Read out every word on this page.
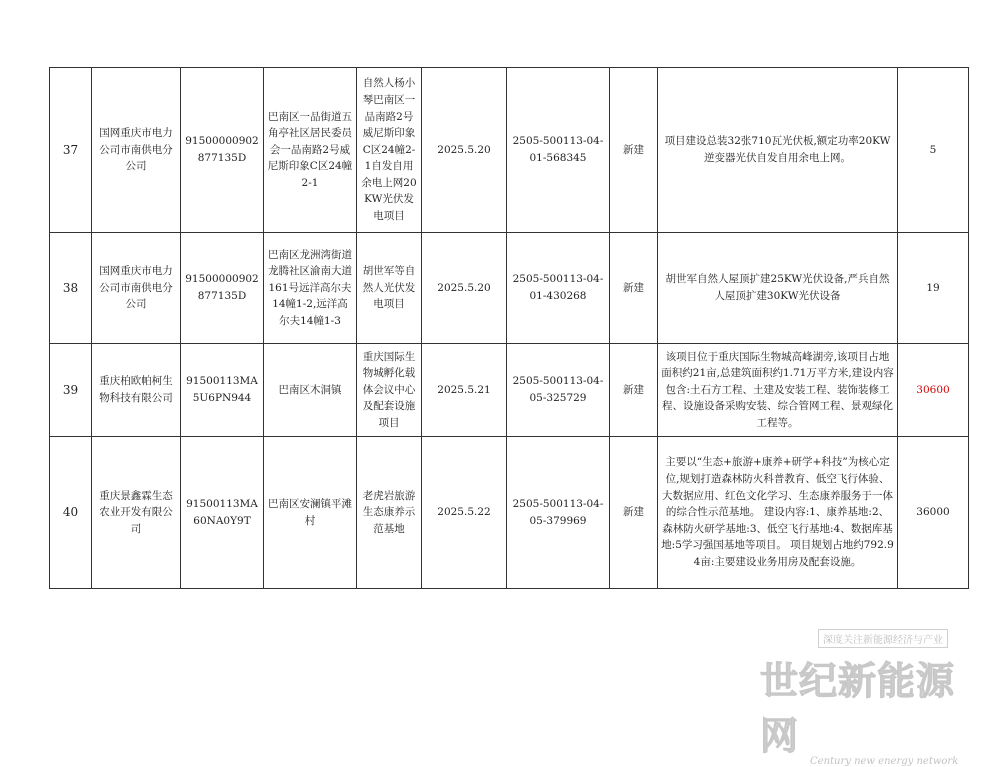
37	国网重庆市电力公司市南供电分公司	91500000902877135D	巴南区一品街道五角亭社区居民委员会一品南路2号威尼斯印象C区24幢2-1	自然人杨小琴巴南区一品南路2号威尼斯印象C区24幢2-1自发自用余电上网20KW光伏发电项目	2025.5.20	2505-500113-04-01-568345	新建	项目建设总装32张710瓦光伏板,额定功率20KW逆变器光伏自发自用余电上网。	5
38	国网重庆市电力公司市南供电分公司	91500000902877135D	巴南区龙洲湾街道龙腾社区渝南大道161号远洋高尔夫14幢1-2,远洋高尔夫14幢1-3	胡世军等自然人光伏发电项目	2025.5.20	2505-500113-04-01-430268	新建	胡世军自然人屋顶扩建25KW光伏设备,严兵自然人屋顶扩建30KW光伏设备	19
39	重庆柏欧帕柯生物科技有限公司	91500113MA5U6PN944	巴南区木洞镇	重庆国际生物城孵化载体会议中心及配套设施项目	2025.5.21	2505-500113-04-05-325729	新建	该项目位于重庆国际生物城高峰湖旁,该项目占地面积约21亩,总建筑面积约1.71万平方米,建设内容包含:土石方工程、土建及安装工程、装饰装修工程、设施设备采购安装、综合管网工程、景观绿化工程等。	30600
40	重庆景鑫霖生态农业开发有限公司	91500113MA60NA0Y9T	巴南区安澜镇平滩村	老虎岩旅游生态康养示范基地	2025.5.22	2505-500113-04-05-379969	新建	主要以“生态+旅游+康养+研学+科技”为核心定位,规划打造森林防火科普教育、低空飞行体验、大数据应用、红色文化学习、生态康养服务于一体的综合性示范基地。 建设内容:1、康养基地:2、森林防火研学基地:3、低空飞行基地:4、数据库基地:5学习强国基地等项目。 项目规划占地约792.94亩:主要建设业务用房及配套设施。	36000
深度关注新能源经济与产业
世纪新能源网
Century new energy network
